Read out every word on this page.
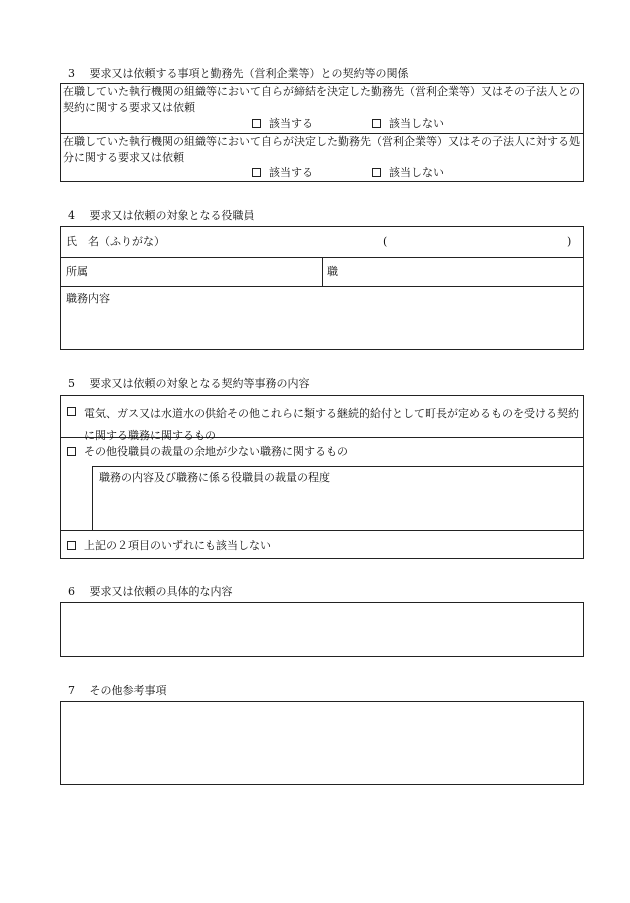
3 要求又は依頼する事項と勤務先（営利企業等）との契約等の関係
在職していた執行機関の組織等において自らが締結を決定した勤務先（営利企業等）又はその子法人との契約に関する要求又は依頼
該当する	該当しない
在職していた執行機関の組織等において自らが決定した勤務先（営利企業等）又はその子法人に対する処分に関する要求又は依頼
該当する	該当しない
4 要求又は依頼の対象となる役職員
氏　名（ふりがな）	(	)
所属	職
職務内容
5 要求又は依頼の対象となる契約等事務の内容
電気、ガス又は水道水の供給その他これらに類する継続的給付として町長が定めるものを受ける契約に関する職務に関するもの
その他役職員の裁量の余地が少ない職務に関するもの
職務の内容及び職務に係る役職員の裁量の程度
上記の２項目のいずれにも該当しない
6 要求又は依頼の具体的な内容
7 その他参考事項
